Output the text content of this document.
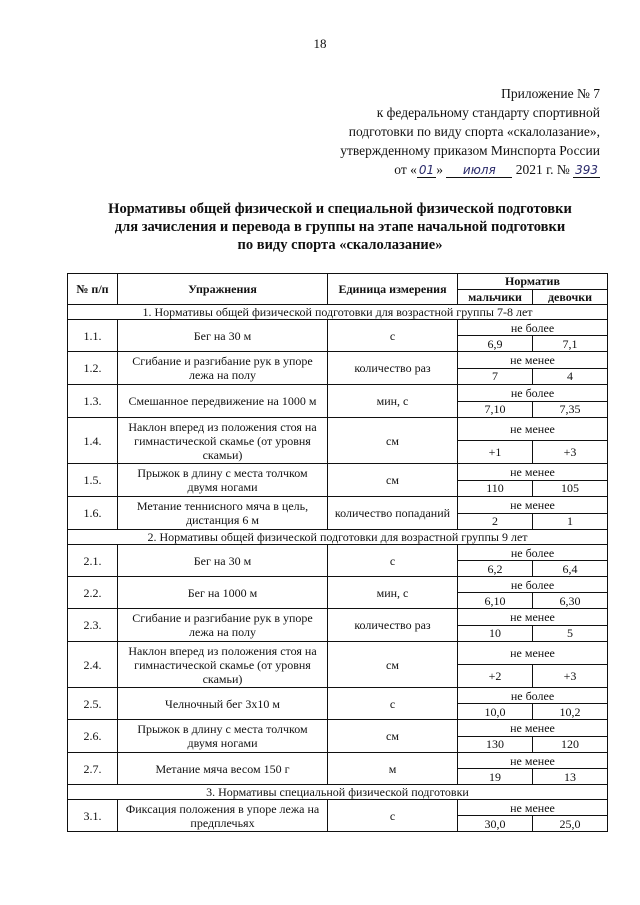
18
Приложение № 7
к федеральному стандарту спортивной
подготовки по виду спорта «скалолазание»,
утвержденному приказом Минспорта России
от « 01 » июля 2021 г. № 393
Нормативы общей физической и специальной физической подготовки
для зачисления и перевода в группы на этапе начальной подготовки
по виду спорта «скалолазание»
№ п/п	Упражнения	Единица измерения	Норматив	
			мальчики	девочки
1. Нормативы общей физической подготовки для возрастной группы 7-8 лет				
1.1.	Бег на 30 м	с	не более	
			6,9	7,1
1.2.	Сгибание и разгибание рук в упоре лежа на полу	количество раз	не менее	
			7	4
1.3.	Смешанное передвижение на 1000 м	мин, с	не более	
			7,10	7,35
1.4.	Наклон вперед из положения стоя на гимнастической скамье (от уровня скамьи)	см	не менее	
			+1	+3
1.5.	Прыжок в длину с места толчком двумя ногами	см	не менее	
			110	105
1.6.	Метание теннисного мяча в цель, дистанция 6 м	количество попаданий	не менее	
			2	1
2. Нормативы общей физической подготовки для возрастной группы 9 лет				
2.1.	Бег на 30 м	с	не более	
			6,2	6,4
2.2.	Бег на 1000 м	мин, с	не более	
			6,10	6,30
2.3.	Сгибание и разгибание рук в упоре лежа на полу	количество раз	не менее	
			10	5
2.4.	Наклон вперед из положения стоя на гимнастической скамье (от уровня скамьи)	см	не менее	
			+2	+3
2.5.	Челночный бег 3х10 м	с	не более	
			10,0	10,2
2.6.	Прыжок в длину с места толчком двумя ногами	см	не менее	
			130	120
2.7.	Метание мяча весом 150 г	м	не менее	
			19	13
3. Нормативы специальной физической подготовки				
3.1.	Фиксация положения в упоре лежа на предплечьях	с	не менее	
			30,0	25,0
